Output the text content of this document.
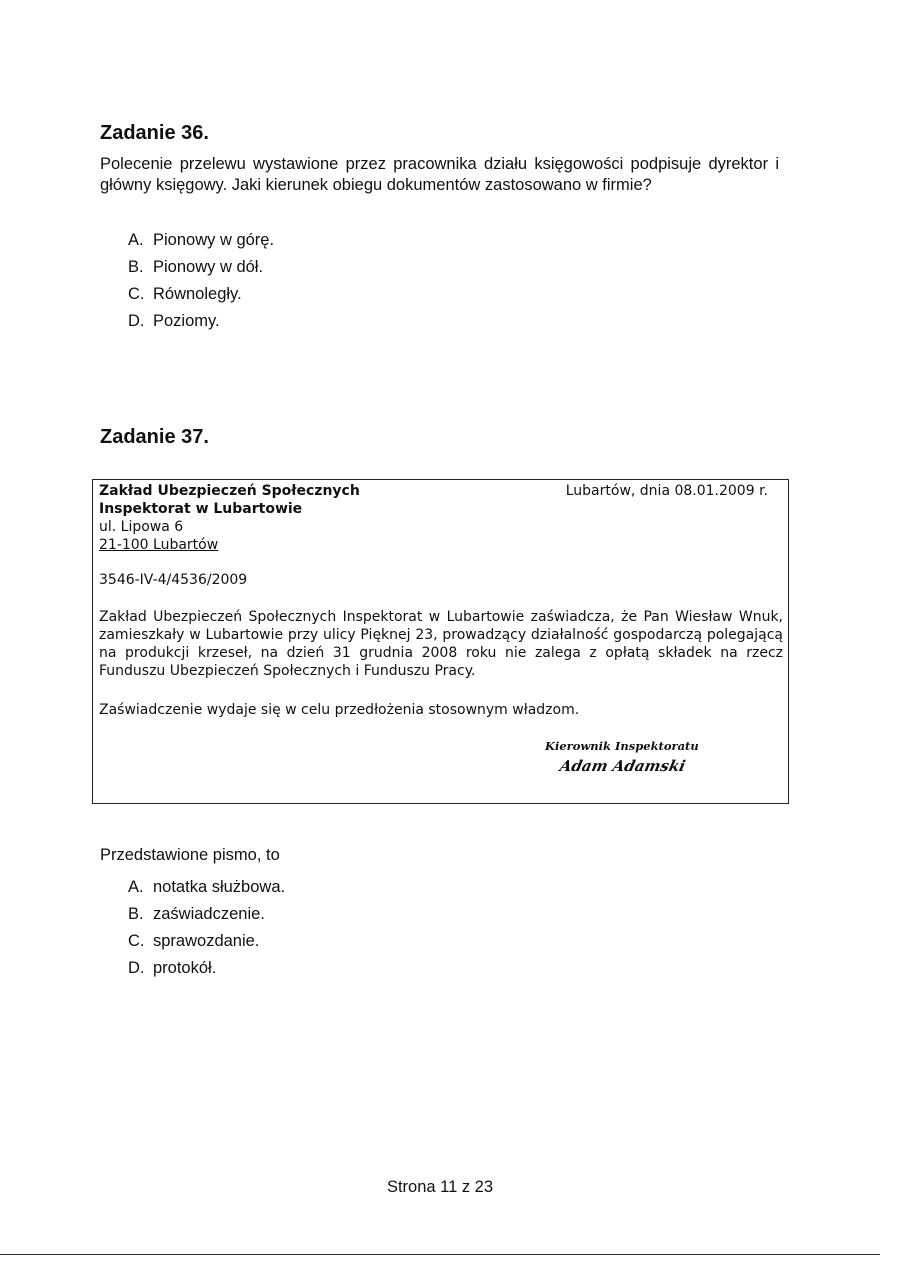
Zadanie 36.

Polecenie przelewu wystawione przez pracownika działu księgowości podpisuje dyrektor i główny księgowy. Jaki kierunek obiegu dokumentów zastosowano w firmie?

A. Pionowy w górę.
B. Pionowy w dół.
C. Równoległy.
D. Poziomy.
Zadanie 37.
Zakład Ubezpieczeń Społecznych
Inspektorat w Lubartowie
ul. Lipowa 6
21-100 Lubartów
Lubartów, dnia 08.01.2009 r.
3546-IV-4/4536/2009
Zakład Ubezpieczeń Społecznych Inspektorat w Lubartowie zaświadcza, że Pan Wiesław Wnuk, zamieszkały w Lubartowie przy ulicy Pięknej 23, prowadzący działalność gospodarczą polegającą na produkcji krzeseł, na dzień 31 grudnia 2008 roku nie zalega z opłatą składek na rzecz Funduszu Ubezpieczeń Społecznych i Funduszu Pracy.
Zaświadczenie wydaje się w celu przedłożenia stosownym władzom.
Kierownik Inspektoratu
Adam Adamski
Przedstawione pismo, to
A. notatka służbowa.
B. zaświadczenie.
C. sprawozdanie.
D. protokół.
Strona 11 z 23
